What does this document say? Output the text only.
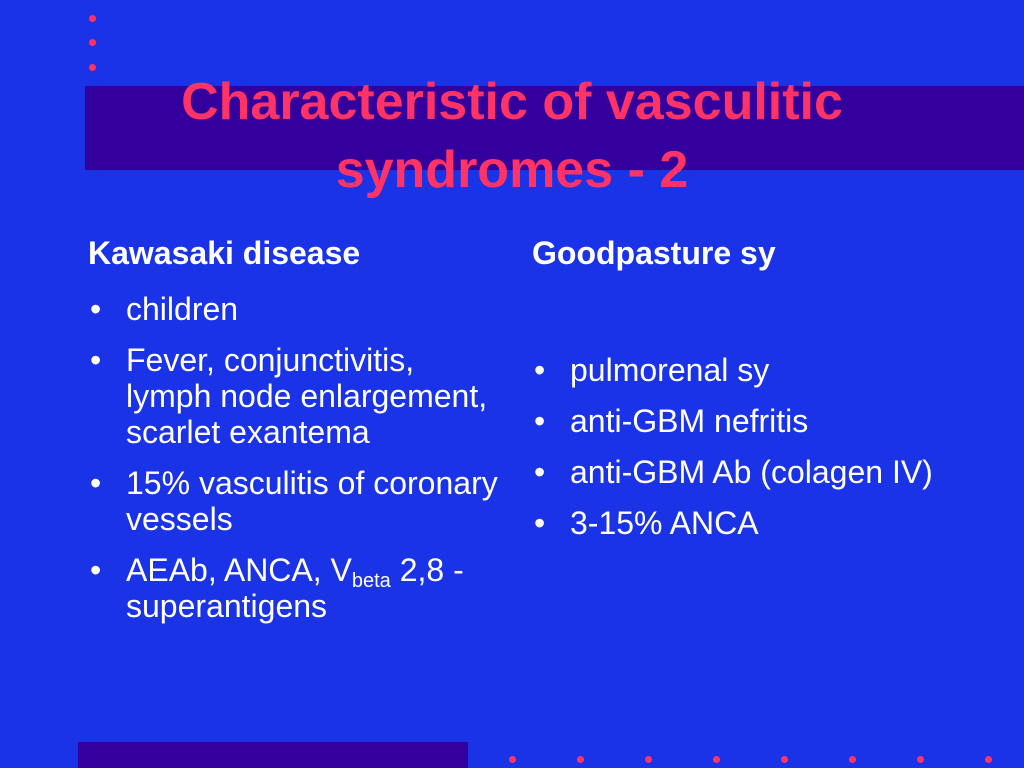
Characteristic of vasculitic syndromes - 2
Kawasaki disease
• children
• Fever, conjunctivitis, lymph node enlargement, scarlet exantema
• 15% vasculitis of coronary vessels
• AEAb, ANCA, $V_{beta}$ 2,8 - superantigens
Goodpasture sy
• pulmorenal sy
• anti-GBM nefritis
• anti-GBM Ab (colagen IV)
• 3-15% ANCA
